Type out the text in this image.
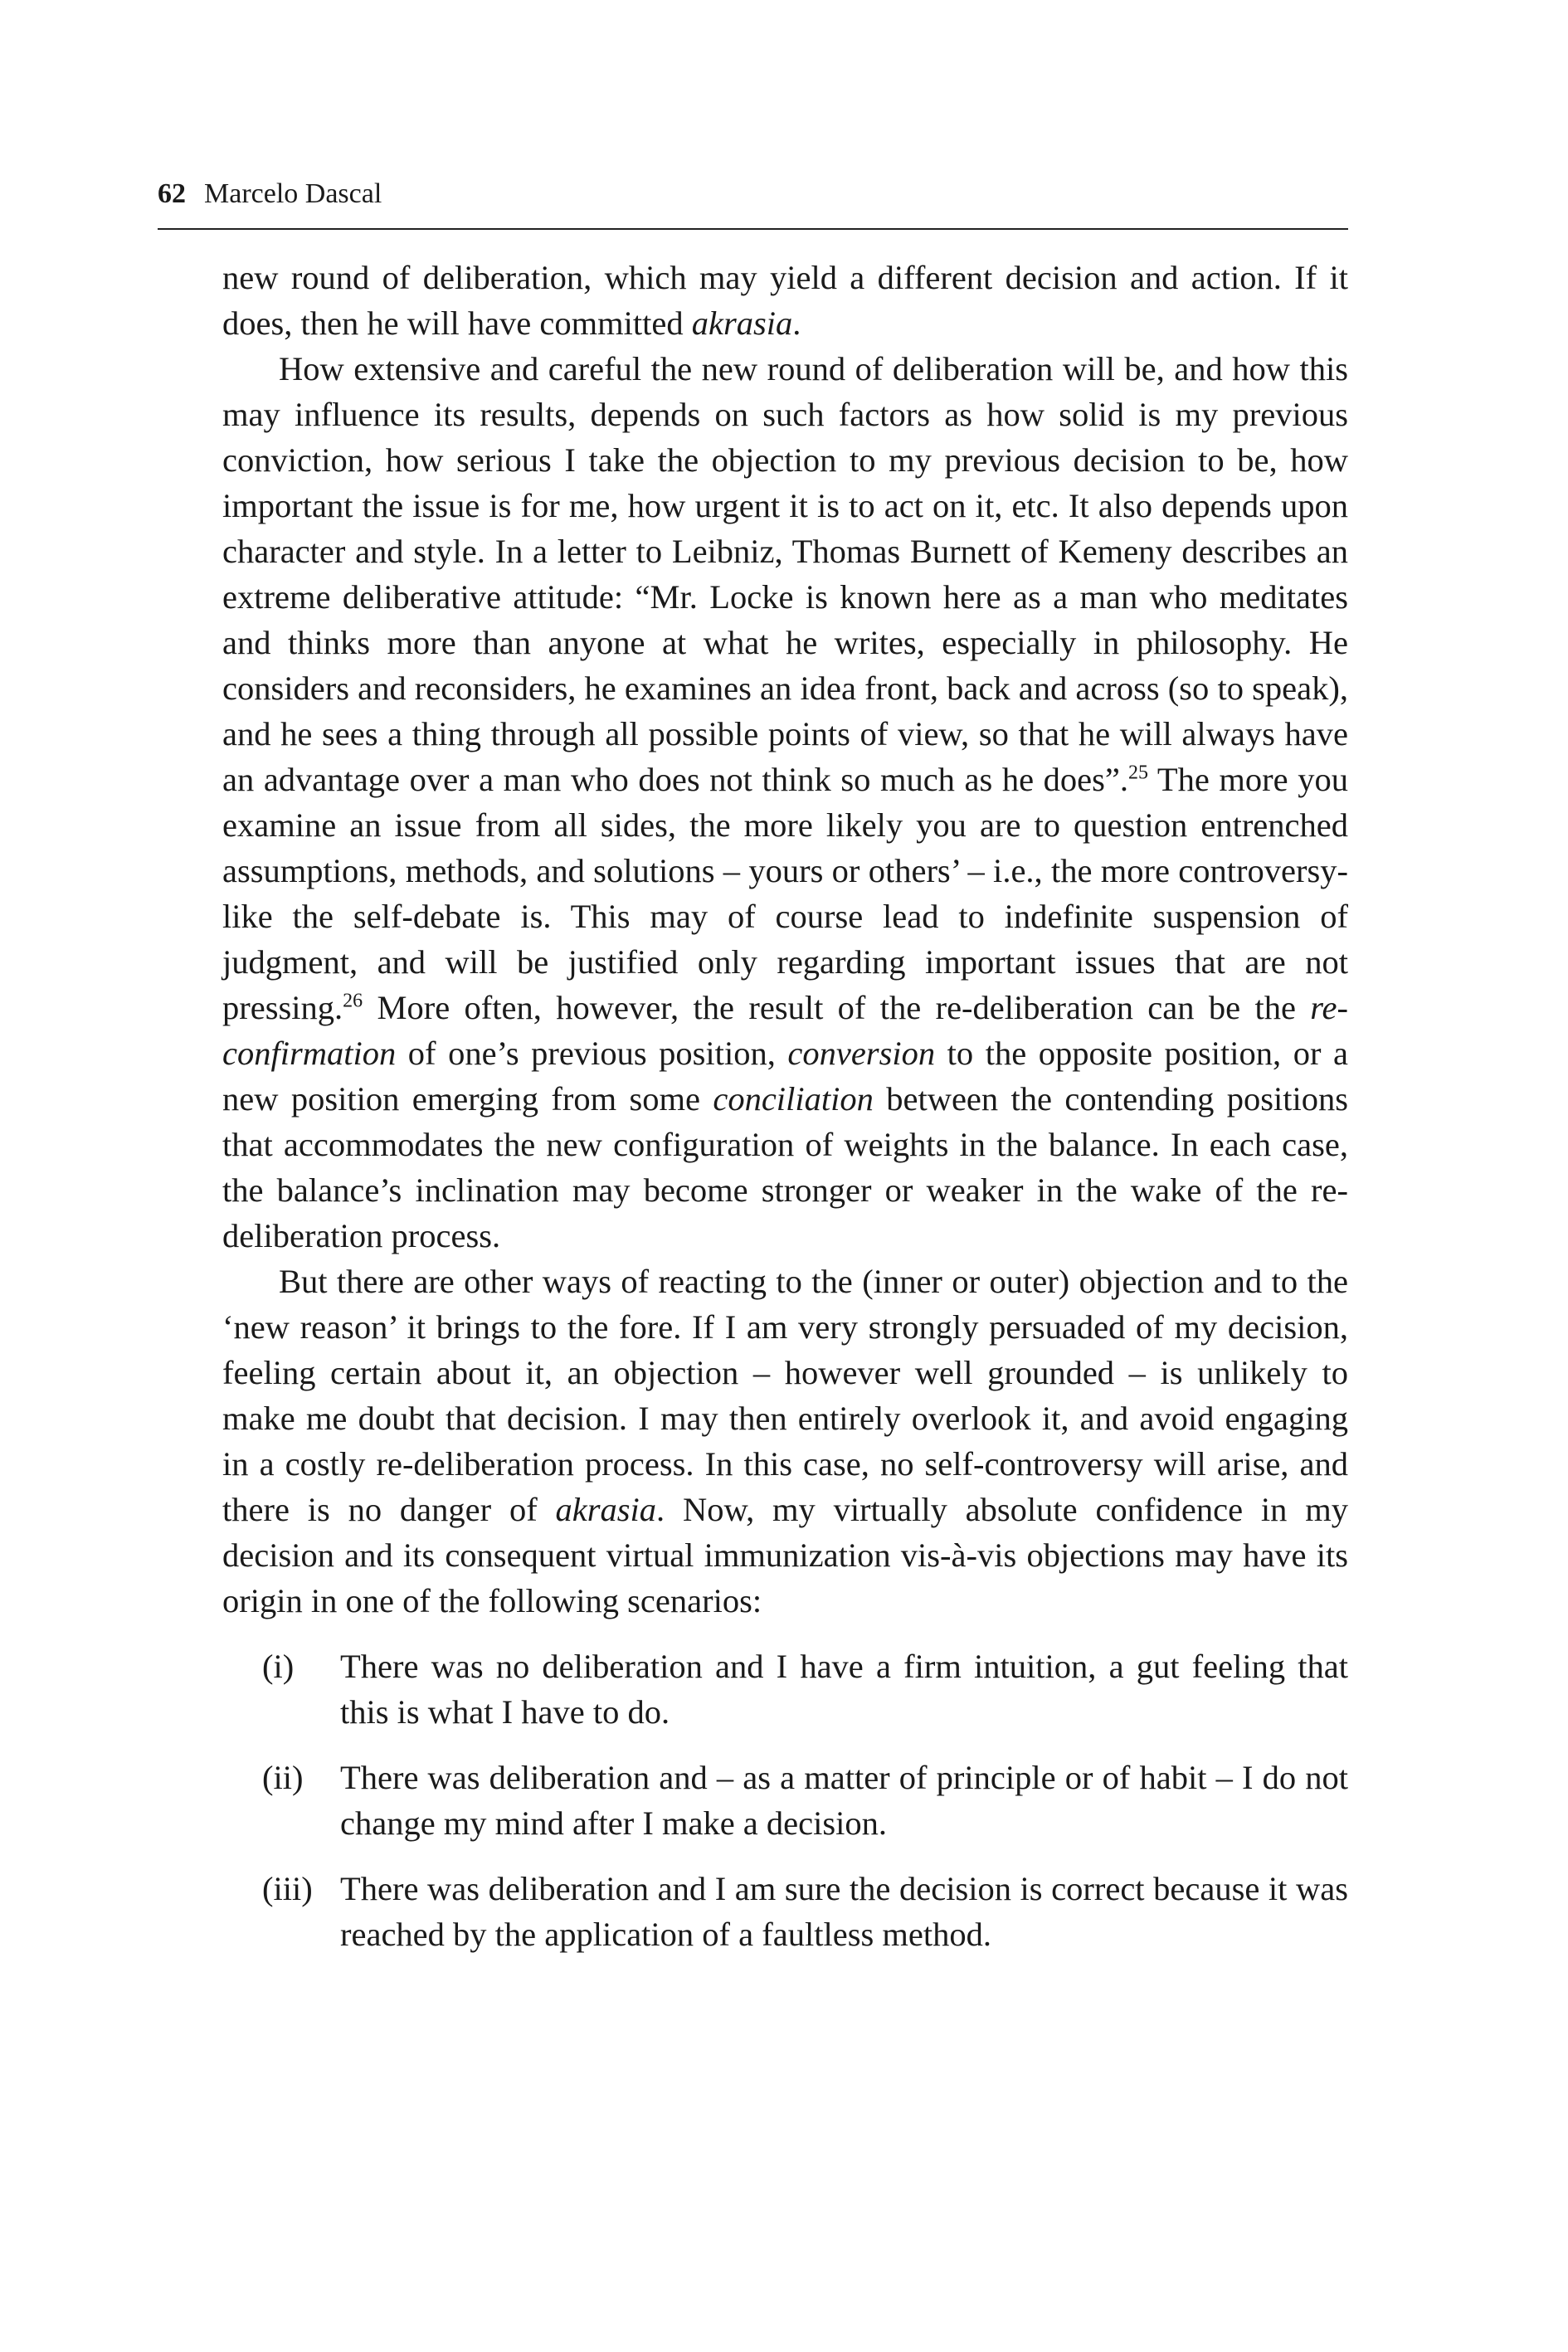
62 Marcelo Dascal

new round of deliberation, which may yield a different decision and action. If it does, then he will have committed akrasia.

How extensive and careful the new round of deliberation will be, and how this may influence its results, depends on such factors as how solid is my previous conviction, how serious I take the objection to my previous decision to be, how important the issue is for me, how urgent it is to act on it, etc. It also depends upon character and style. In a letter to Leibniz, Thomas Burnett of Kemeny describes an extreme deliberative attitude: “Mr. Locke is known here as a man who meditates and thinks more than anyone at what he writes, especially in philosophy. He considers and reconsiders, he examines an idea front, back and across (so to speak), and he sees a thing through all possible points of view, so that he will always have an advantage over a man who does not think so much as he does”.$^{25}$ The more you examine an issue from all sides, the more likely you are to question entrenched assumptions, methods, and solutions – yours or others’ – i.e., the more controversy-like the self-debate is. This may of course lead to indefinite suspension of judgment, and will be justified only regarding important issues that are not pressing.$^{26}$ More often, however, the result of the re-deliberation can be the re-confirmation of one’s previous position, conversion to the opposite position, or a new position emerging from some conciliation between the contending positions that accommodates the new configuration of weights in the balance. In each case, the balance’s inclination may become stronger or weaker in the wake of the re-deliberation process.

But there are other ways of reacting to the (inner or outer) objection and to the ‘new reason’ it brings to the fore. If I am very strongly persuaded of my decision, feeling certain about it, an objection – however well grounded – is unlikely to make me doubt that decision. I may then entirely overlook it, and avoid engaging in a costly re-deliberation process. In this case, no self-controversy will arise, and there is no danger of akrasia. Now, my virtually absolute confidence in my decision and its consequent virtual immunization vis-à-vis objections may have its origin in one of the following scenarios:

(i)	There was no deliberation and I have a firm intuition, a gut feeling that this is what I have to do.
(ii)	There was deliberation and – as a matter of principle or of habit – I do not change my mind after I make a decision.
(iii) There was deliberation and I am sure the decision is correct because it was reached by the application of a faultless method.
